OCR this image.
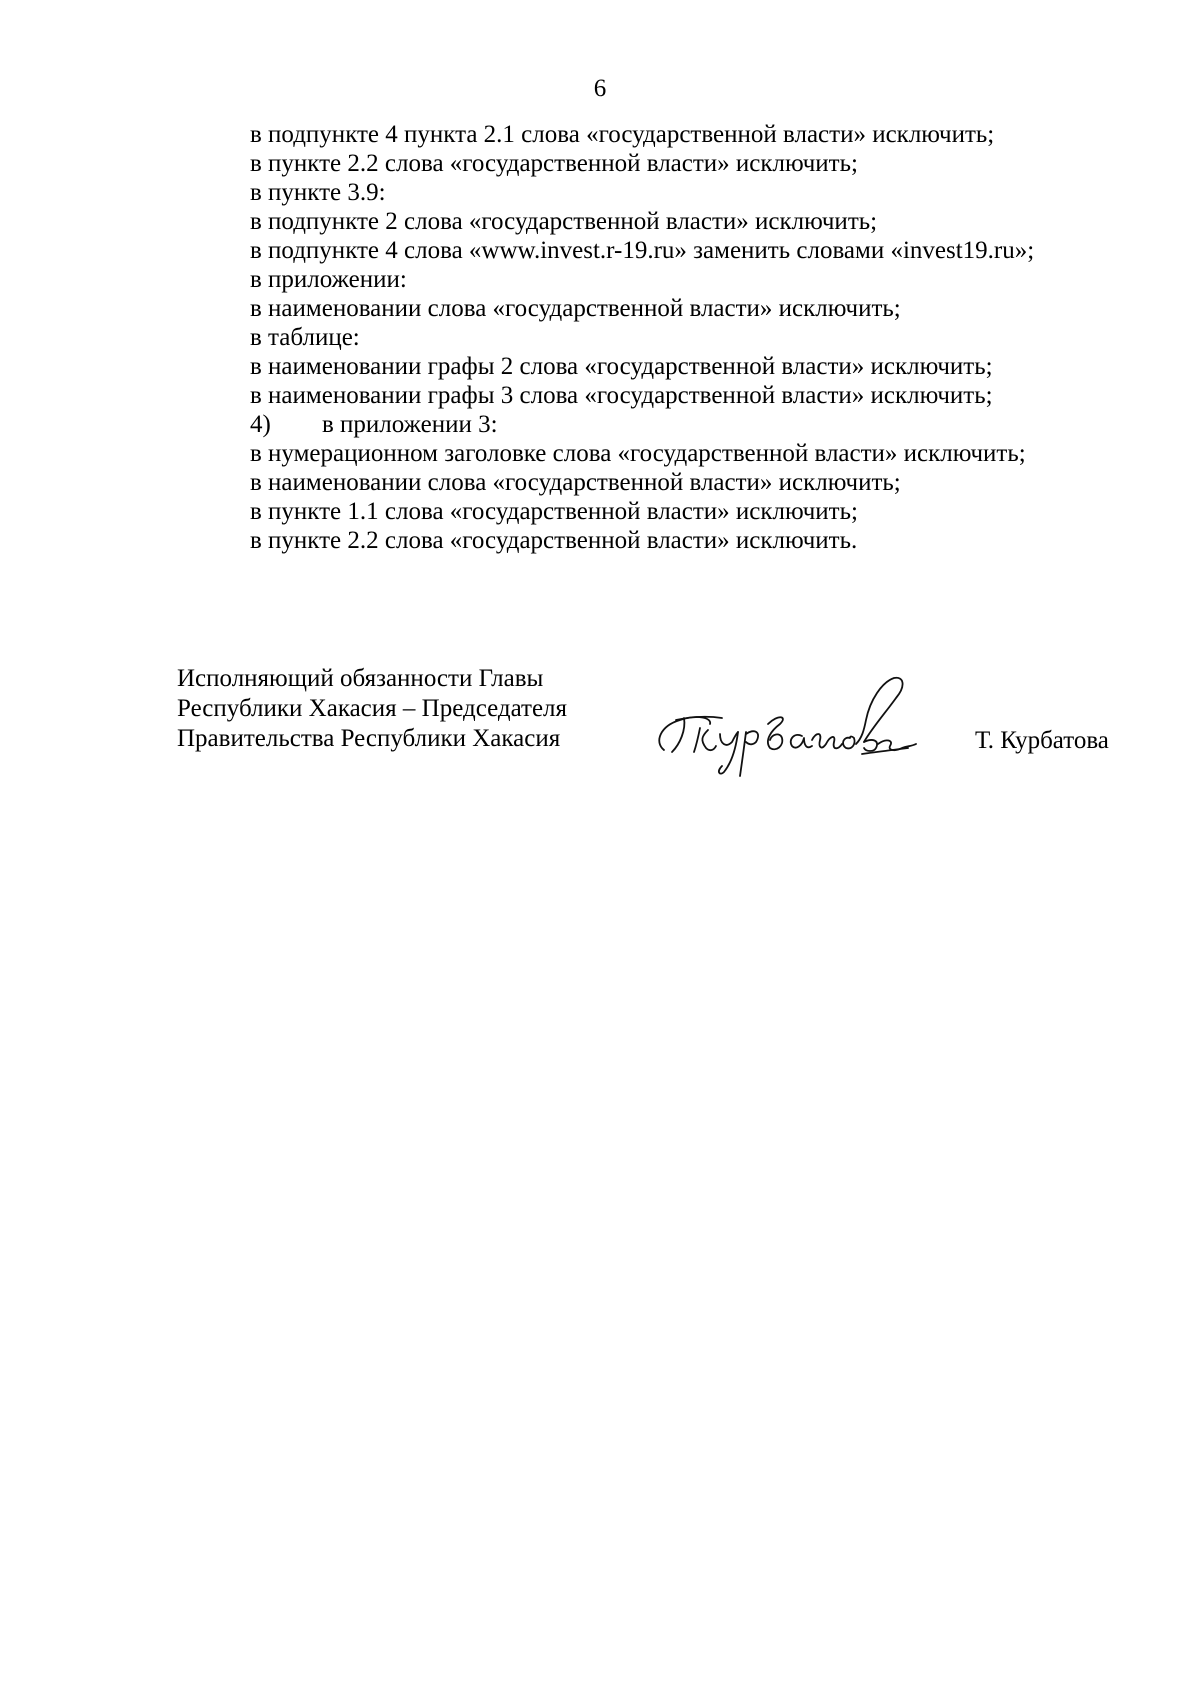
6
в подпункте 4 пункта 2.1 слова «государственной власти» исключить;
в пункте 2.2 слова «государственной власти» исключить;
в пункте 3.9:
в подпункте 2 слова «государственной власти» исключить;
в подпункте 4 слова «www.invest.r-19.ru» заменить словами «invest19.ru»;
в приложении:
в наименовании слова «государственной власти» исключить;
в таблице:
в наименовании графы 2 слова «государственной власти» исключить;
в наименовании графы 3 слова «государственной власти» исключить;
4) в приложении 3:
в нумерационном заголовке слова «государственной власти» исключить;
в наименовании слова «государственной власти» исключить;
в пункте 1.1 слова «государственной власти» исключить;
в пункте 2.2 слова «государственной власти» исключить.
Исполняющий обязанности Главы
Республики Хакасия – Председателя
Правительства Республики Хакасия	Т. Курбатова
